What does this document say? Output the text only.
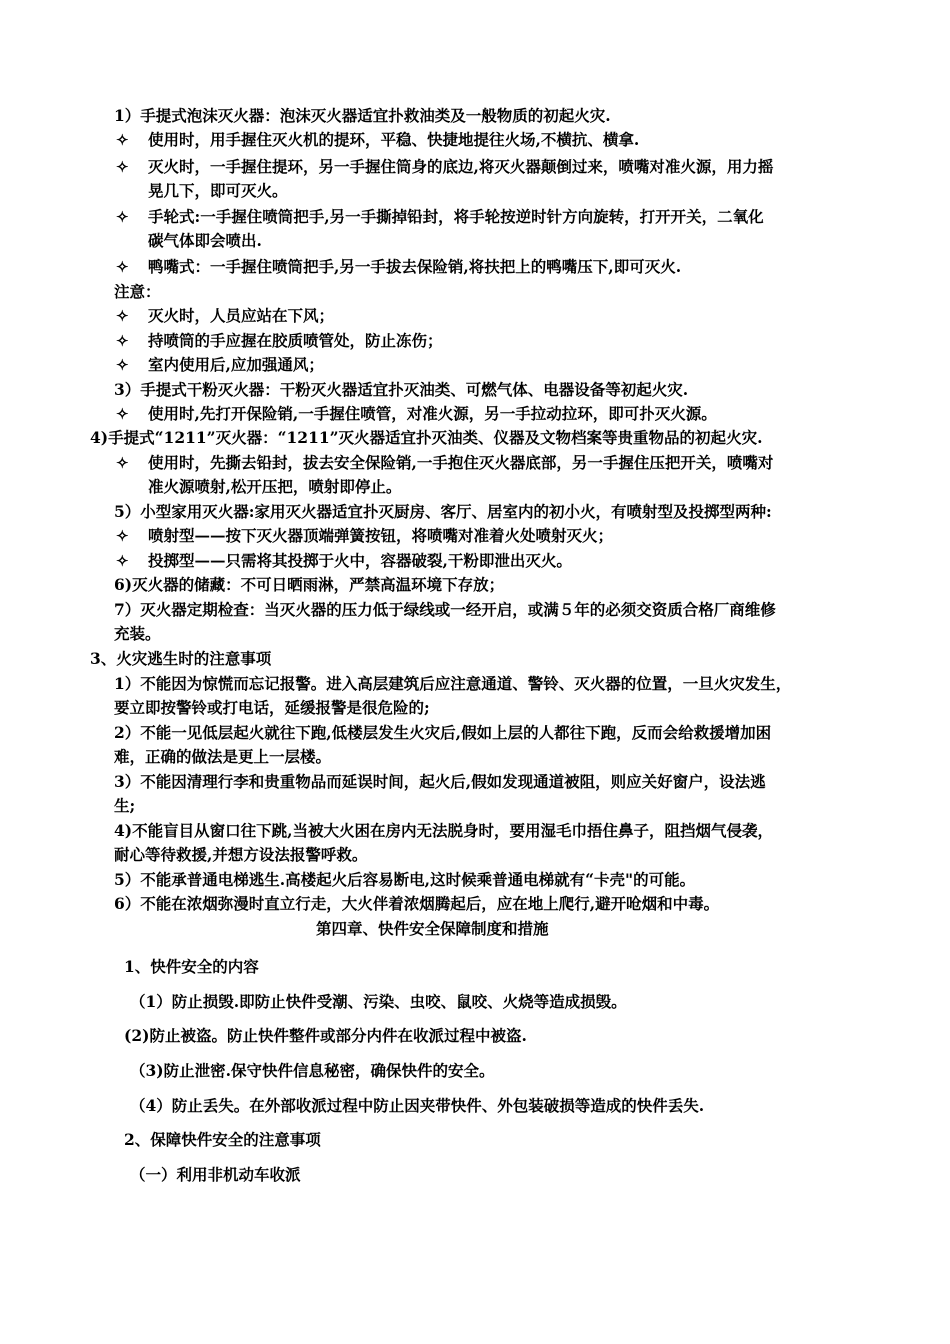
1）手提式泡沫灭火器：泡沫灭火器适宜扑救油类及一般物质的初起火灾.
✧ 使用时，用手握住灭火机的提环，平稳、快捷地提往火场,不横抗、横拿.
✧ 灭火时，一手握住提环，另一手握住筒身的底边,将灭火器颠倒过来，喷嘴对准火源，用力摇
晃几下，即可灭火。
✧ 手轮式:一手握住喷筒把手,另一手撕掉铅封，将手轮按逆时针方向旋转，打开开关，二氧化
碳气体即会喷出.
✧ 鸭嘴式：一手握住喷筒把手,另一手拔去保险销,将扶把上的鸭嘴压下,即可灭火.
注意：
✧ 灭火时，人员应站在下风；
✧ 持喷筒的手应握在胶质喷管处，防止冻伤；
✧ 室内使用后,应加强通风；
3）手提式干粉灭火器：干粉灭火器适宜扑灭油类、可燃气体、电器设备等初起火灾.
✧ 使用时,先打开保险销,一手握住喷管，对准火源，另一手拉动拉环，即可扑灭火源。
4)手提式“1211”灭火器：“1211”灭火器适宜扑灭油类、仪器及文物档案等贵重物品的初起火灾.
✧ 使用时，先撕去铅封，拔去安全保险销,一手抱住灭火器底部，另一手握住压把开关，喷嘴对
准火源喷射,松开压把，喷射即停止。
5）小型家用灭火器:家用灭火器适宜扑灭厨房、客厅、居室内的初小火，有喷射型及投掷型两种:
✧ 喷射型——按下灭火器顶端弹簧按钮，将喷嘴对准着火处喷射灭火；
✧ 投掷型——只需将其投掷于火中，容器破裂,干粉即泄出灭火。
6)灭火器的储藏：不可日晒雨淋，严禁高温环境下存放；
7）灭火器定期检查：当灭火器的压力低于绿线或一经开启，或满５年的必须交资质合格厂商维修
充装。
3、火灾逃生时的注意事项
1）不能因为惊慌而忘记报警。进入高层建筑后应注意通道、警铃、灭火器的位置，一旦火灾发生，
要立即按警铃或打电话，延缓报警是很危险的;
2）不能一见低层起火就往下跑,低楼层发生火灾后,假如上层的人都往下跑，反而会给救援增加困
难，正确的做法是更上一层楼。
3）不能因清理行李和贵重物品而延误时间，起火后,假如发现通道被阻，则应关好窗户，设法逃
生;
4)不能盲目从窗口往下跳,当被大火困在房内无法脱身时，要用湿毛巾捂住鼻子，阻挡烟气侵袭，
耐心等待救援,并想方设法报警呼救。
5）不能承普通电梯逃生.高楼起火后容易断电,这时候乘普通电梯就有“卡壳"的可能。
6）不能在浓烟弥漫时直立行走，大火伴着浓烟腾起后，应在地上爬行,避开呛烟和中毒。
第四章、快件安全保障制度和措施
1、快件安全的内容
（1）防止损毁.即防止快件受潮、污染、虫咬、鼠咬、火烧等造成损毁。
(2)防止被盗。防止快件整件或部分内件在收派过程中被盗.
（3)防止泄密.保守快件信息秘密，确保快件的安全。
（4）防止丢失。在外部收派过程中防止因夹带快件、外包装破损等造成的快件丢失.
2、保障快件安全的注意事项
（一）利用非机动车收派
